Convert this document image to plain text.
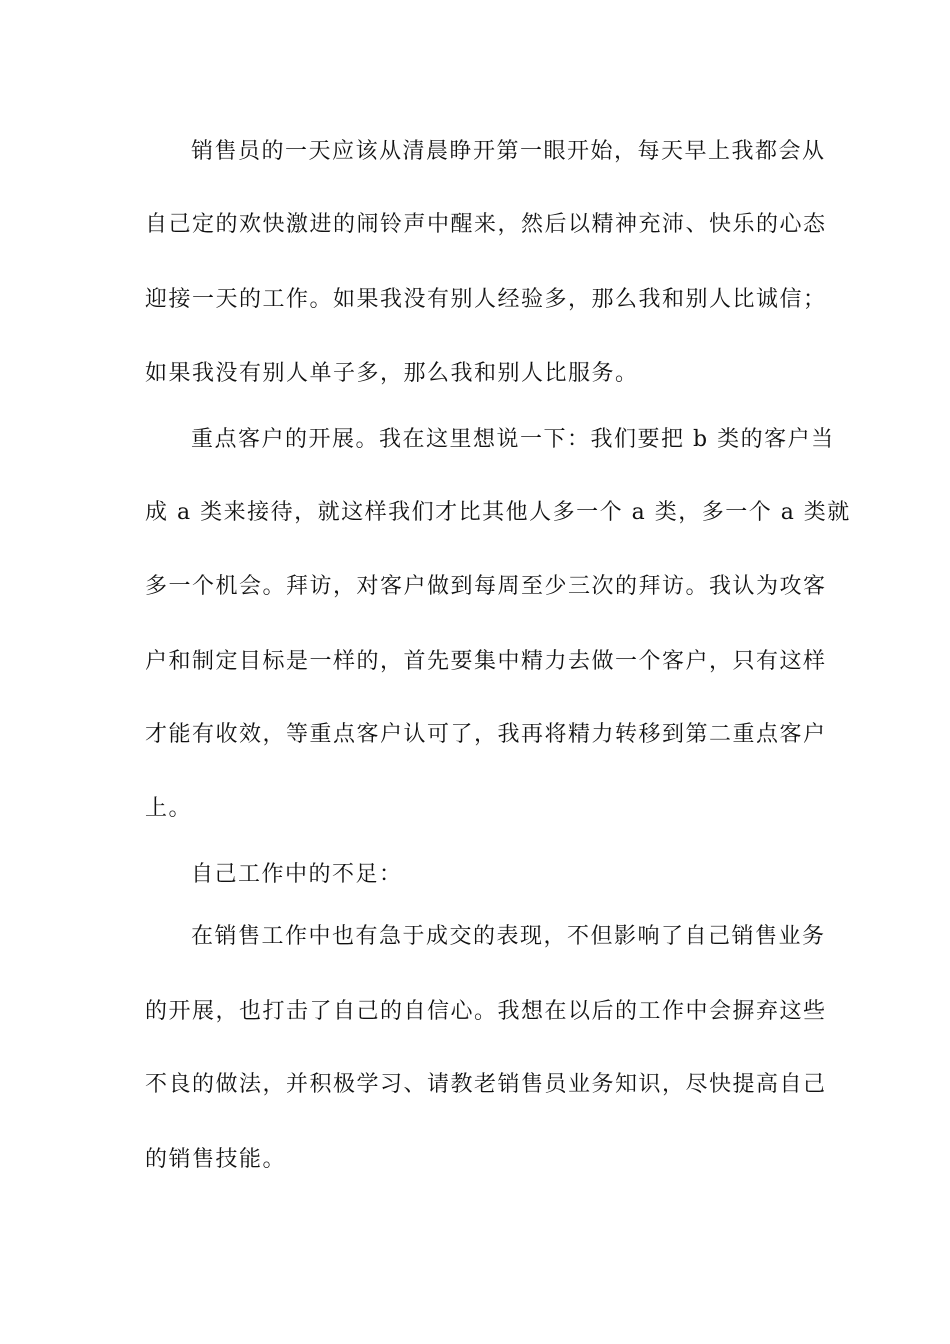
销售员的一天应该从清晨睁开第一眼开始，每天早上我都会从
自己定的欢快激进的闹铃声中醒来，然后以精神充沛、快乐的心态
迎接一天的工作。如果我没有别人经验多，那么我和别人比诚信；
如果我没有别人单子多，那么我和别人比服务。
重点客户的开展。我在这里想说一下：我们要把 b 类的客户当
成 a 类来接待，就这样我们才比其他人多一个 a 类，多一个 a 类就
多一个机会。拜访，对客户做到每周至少三次的拜访。我认为攻客
户和制定目标是一样的，首先要集中精力去做一个客户，只有这样
才能有收效，等重点客户认可了，我再将精力转移到第二重点客户
上。
自己工作中的不足：
在销售工作中也有急于成交的表现，不但影响了自己销售业务
的开展，也打击了自己的自信心。我想在以后的工作中会摒弃这些
不良的做法，并积极学习、请教老销售员业务知识，尽快提高自己
的销售技能。
